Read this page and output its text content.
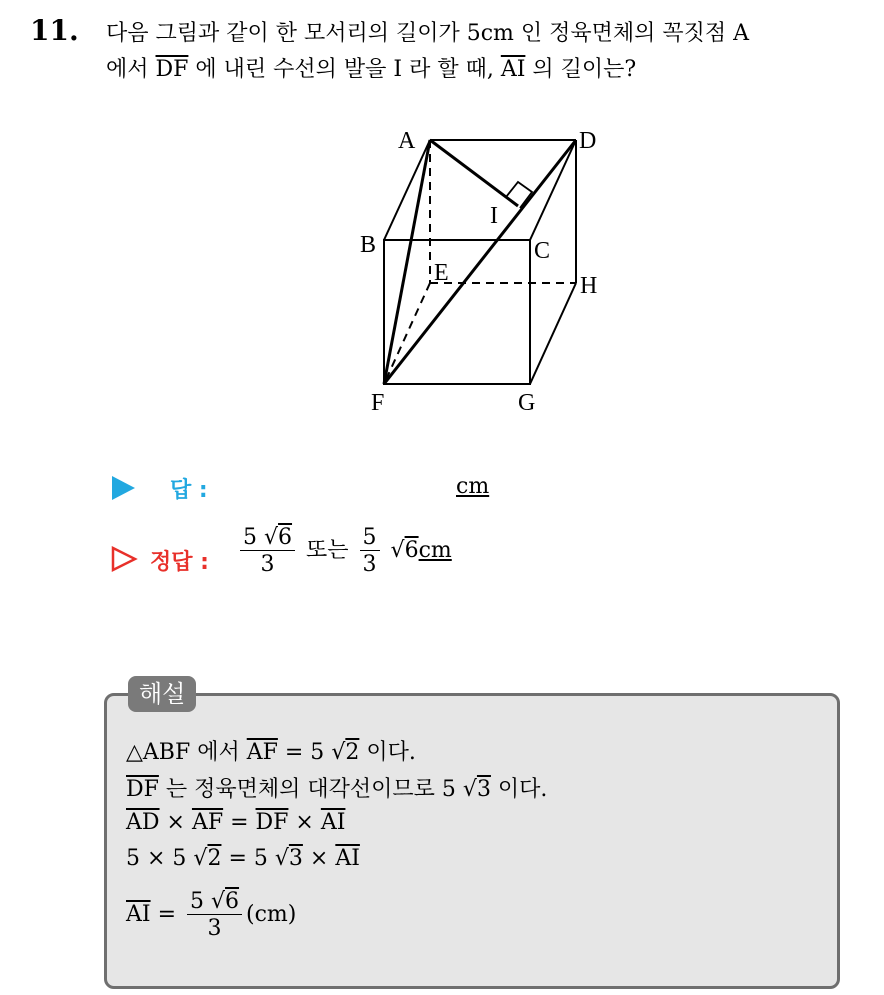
11. 다음 그림과 같이 한 모서리의 길이가 5cm 인 정육면체의 꼭짓점 A
에서 $\overline{DF}$ 에 내린 수선의 발을 I 라 할 때, $\overline{AI}$ 의 길이는?
A	D
B	C
E	H
F	G
I
답 :	cm
정답 : $\frac{5 √6}{3}$ 또는 $\frac{5}{3} √6cm$
해설
△ABF 에서 $\overline{AF} = 5$ √2 이다.
$\overline{DF}$ 는 정육면체의 대각선이므로 5 √3 이다.
$\overline{AD} \times \overline{AF} = \overline{DF} \times \overline{AI}$
5 × 5 √2 = 5 $√3 \times \overline{AI}$
$\overline{AI} = \frac{5 √6}{3} (cm)$
